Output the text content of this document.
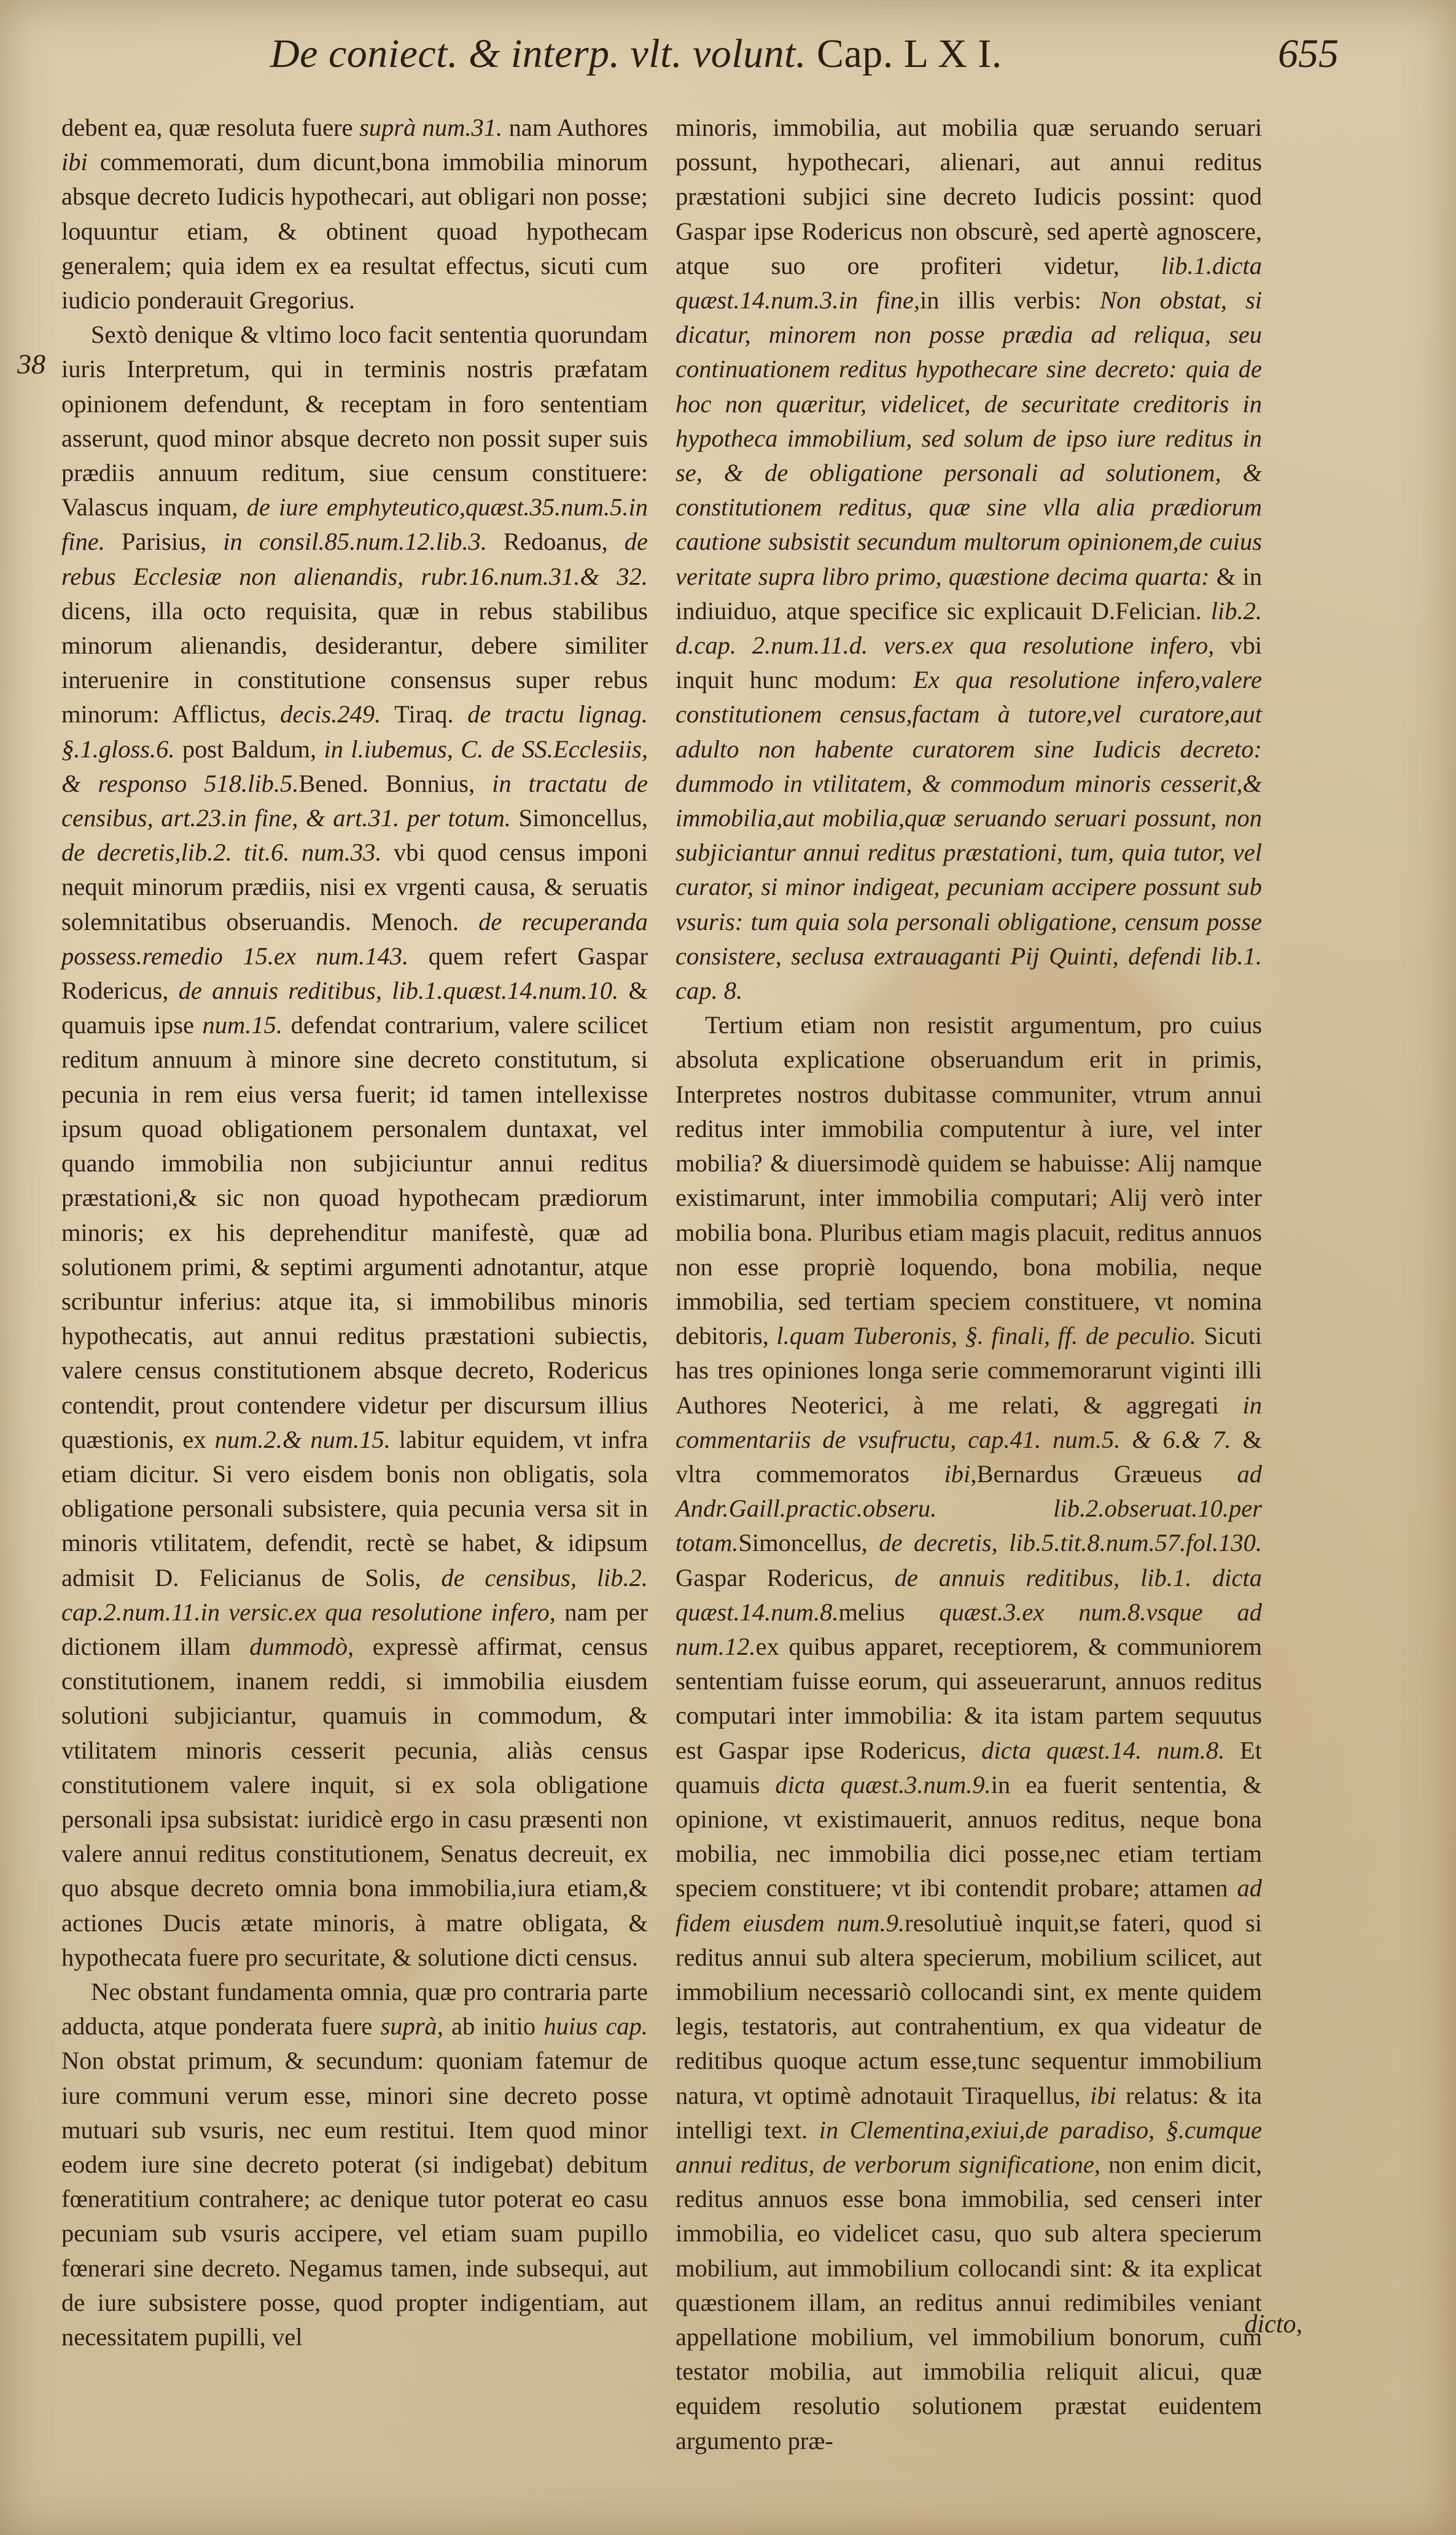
De coniect. & interp. vlt. volunt. Cap. L X I.	655
38

debent ea, quæ resoluta fuere suprà num.31. nam Authores ibi commemorati, dum dicunt,bona immobilia minorum absque decreto Iudicis hypothecari, aut obligari non posse; loquuntur etiam, & obtinent quoad hypothecam generalem; quia idem ex ea resultat effectus, sicuti cum iudicio ponderauit Gregorius.

Sextò denique & vltimo loco facit sententia quorundam iuris Interpretum, qui in terminis nostris præfatam opinionem defendunt, & receptam in foro sententiam asserunt, quod minor absque decreto non possit super suis prædiis annuum reditum, siue censum constituere: Valascus inquam, de iure emphyteutico,quæst.35.num.5.in fine. Parisius, in consil.85.num.12.lib.3. Redoanus, de rebus Ecclesiæ non alienandis, rubr.16.num.31.& 32. dicens, illa octo requisita, quæ in rebus stabilibus minorum alienandis, desiderantur, debere similiter interuenire in constitutione consensus super rebus minorum: Afflictus, decis.249. Tiraq. de tractu lignag. §.1.gloss.6. post Baldum, in l.iubemus, C. de SS.Ecclesiis, & responso 518.lib.5.Bened. Bonnius, in tractatu de censibus, art.23.in fine, & art.31. per totum. Simoncellus, de decretis,lib.2. tit.6. num.33. vbi quod census imponi nequit minorum prædiis, nisi ex vrgenti causa, & seruatis solemnitatibus obseruandis. Menoch. de recuperanda possess.remedio 15.ex num.143. quem refert Gaspar Rodericus, de annuis reditibus, lib.1.quæst.14.num.10. & quamuis ipse num.15. defendat contrarium, valere scilicet reditum annuum à minore sine decreto constitutum, si pecunia in rem eius versa fuerit; id tamen intellexisse ipsum quoad obligationem personalem duntaxat, vel quando immobilia non subjiciuntur annui reditus præstationi,& sic non quoad hypothecam prædiorum minoris; ex his deprehenditur manifestè, quæ ad solutionem primi, & septimi argumenti adnotantur, atque scribuntur inferius: atque ita, si immobilibus minoris hypothecatis, aut annui reditus præstationi subiectis, valere census constitutionem absque decreto, Rodericus contendit, prout contendere videtur per discursum illius quæstionis, ex num.2.& num.15. labitur equidem, vt infra etiam dicitur. Si vero eisdem bonis non obligatis, sola obligatione personali subsistere, quia pecunia versa sit in minoris vtilitatem, defendit, rectè se habet, & idipsum admisit D. Felicianus de Solis, de censibus, lib.2. cap.2.num.11.in versic.ex qua resolutione infero, nam per dictionem illam dummodò, expressè affirmat, census constitutionem, inanem reddi, si immobilia eiusdem solutioni subjiciantur, quamuis in commodum, & vtilitatem minoris cesserit pecunia, aliàs census constitutionem valere inquit, si ex sola obligatione personali ipsa subsistat: iuridicè ergo in casu præsenti non valere annui reditus constitutionem, Senatus decreuit, ex quo absque decreto omnia bona immobilia,iura etiam,& actiones Ducis ætate minoris, à matre obligata, & hypothecata fuere pro securitate, & solutione dicti census.

Nec obstant fundamenta omnia, quæ pro contraria parte adducta, atque ponderata fuere suprà, ab initio huius cap. Non obstat primum, & secundum: quoniam fatemur de iure communi verum esse, minori sine decreto posse mutuari sub vsuris, nec eum restitui. Item quod minor eodem iure sine decreto poterat (si indigebat) debitum fœneratitium contrahere; ac denique tutor poterat eo casu pecuniam sub vsuris accipere, vel etiam suam pupillo fœnerari sine decreto. Negamus tamen, inde subsequi, aut de iure subsistere posse, quod propter indigentiam, aut necessitatem pupilli, vel

minoris, immobilia, aut mobilia quæ seruando seruari possunt, hypothecari, alienari, aut annui reditus præstationi subjici sine decreto Iudicis possint: quod Gaspar ipse Rodericus non obscurè, sed apertè agnoscere, atque suo ore profiteri videtur, lib.1.dicta quæst.14.num.3.in fine,in illis verbis: Non obstat, si dicatur, minorem non posse prædia ad reliqua, seu continuationem reditus hypothecare sine decreto: quia de hoc non quæritur, videlicet, de securitate creditoris in hypotheca immobilium, sed solum de ipso iure reditus in se, & de obligatione personali ad solutionem, & constitutionem reditus, quæ sine vlla alia prædiorum cautione subsistit secundum multorum opinionem,de cuius veritate supra libro primo, quæstione decima quarta: & in indiuiduo, atque specifice sic explicauit D.Felician. lib.2. d.cap. 2.num.11.d. vers.ex qua resolutione infero, vbi inquit hunc modum: Ex qua resolutione infero,valere constitutionem census,factam à tutore,vel curatore,aut adulto non habente curatorem sine Iudicis decreto: dummodo in vtilitatem, & commodum minoris cesserit,& immobilia,aut mobilia,quæ seruando seruari possunt, non subjiciantur annui reditus præstationi, tum, quia tutor, vel curator, si minor indigeat, pecuniam accipere possunt sub vsuris: tum quia sola personali obligatione, censum posse consistere, seclusa extrauaganti Pij Quinti, defendi lib.1. cap. 8.

Tertium etiam non resistit argumentum, pro cuius absoluta explicatione obseruandum erit in primis, Interpretes nostros dubitasse communiter, vtrum annui reditus inter immobilia computentur à iure, vel inter mobilia? & diuersimodè quidem se habuisse: Alij namque existimarunt, inter immobilia computari; Alij verò inter mobilia bona. Pluribus etiam magis placuit, reditus annuos non esse propriè loquendo, bona mobilia, neque immobilia, sed tertiam speciem constituere, vt nomina debitoris, l.quam Tuberonis, §. finali, ff. de peculio. Sicuti has tres opiniones longa serie commemorarunt viginti illi Authores Neoterici, à me relati, & aggregati in commentariis de vsufructu, cap.41. num.5. & 6.& 7. & vltra commemoratos ibi,Bernardus Græueus ad Andr.Gaill.practic.obseru. lib.2.obseruat.10.per totam.Simoncellus, de decretis, lib.5.tit.8.num.57.fol.130. Gaspar Rodericus, de annuis reditibus, lib.1. dicta quæst.14.num.8.melius quæst.3.ex num.8.vsque ad num.12.ex quibus apparet, receptiorem, & communiorem sententiam fuisse eorum, qui asseuerarunt, annuos reditus computari inter immobilia: & ita istam partem sequutus est Gaspar ipse Rodericus, dicta quæst.14. num.8. Et quamuis dicta quæst.3.num.9.in ea fuerit sententia, & opinione, vt existimauerit, annuos reditus, neque bona mobilia, nec immobilia dici posse,nec etiam tertiam speciem constituere; vt ibi contendit probare; attamen ad fidem eiusdem num.9.resolutiuè inquit,se fateri, quod si reditus annui sub altera specierum, mobilium scilicet, aut immobilium necessariò collocandi sint, ex mente quidem legis, testatoris, aut contrahentium, ex qua videatur de reditibus quoque actum esse,tunc sequentur immobilium natura, vt optimè adnotauit Tiraquellus, ibi relatus: & ita intelligi text. in Clementina,exiui,de paradiso, §.cumque annui reditus, de verborum significatione, non enim dicit, reditus annuos esse bona immobilia, sed censeri inter immobilia, eo videlicet casu, quo sub altera specierum mobilium, aut immobilium collocandi sint: & ita explicat quæstionem illam, an reditus annui redimibiles veniant appellatione mobilium, vel immobilium bonorum, cum testator mobilia, aut immobilia reliquit alicui, quæ equidem resolutio solutionem præstat euidentem argumento præ-

dicto,
